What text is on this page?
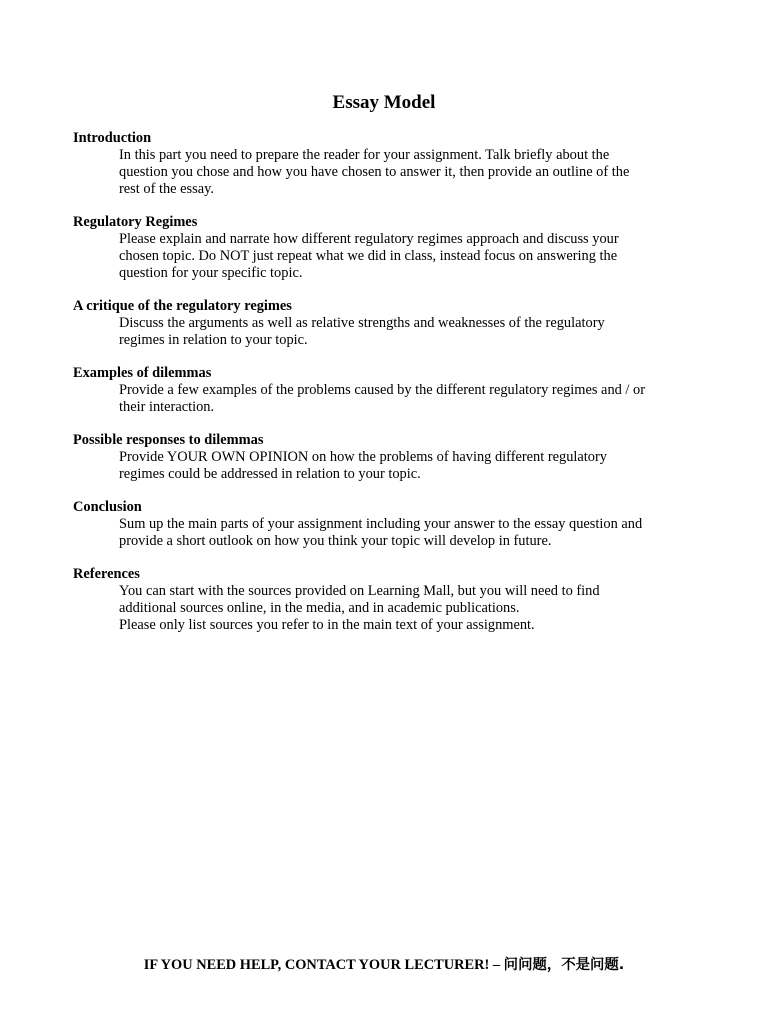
Essay Model
Introduction
In this part you need to prepare the reader for your assignment. Talk briefly about the
question you chose and how you have chosen to answer it, then provide an outline of the
rest of the essay.
Regulatory Regimes
Please explain and narrate how different regulatory regimes approach and discuss your
chosen topic. Do NOT just repeat what we did in class, instead focus on answering the
question for your specific topic.
A critique of the regulatory regimes
Discuss the arguments as well as relative strengths and weaknesses of the regulatory
regimes in relation to your topic.
Examples of dilemmas
Provide a few examples of the problems caused by the different regulatory regimes and / or
their interaction.
Possible responses to dilemmas
Provide YOUR OWN OPINION on how the problems of having different regulatory
regimes could be addressed in relation to your topic.
Conclusion
Sum up the main parts of your assignment including your answer to the essay question and
provide a short outlook on how you think your topic will develop in future.
References
You can start with the sources provided on Learning Mall, but you will need to find
additional sources online, in the media, and in academic publications.
Please only list sources you refer to in the main text of your assignment.
IF YOU NEED HELP, CONTACT YOUR LECTURER! – 问问题，不是问题.
